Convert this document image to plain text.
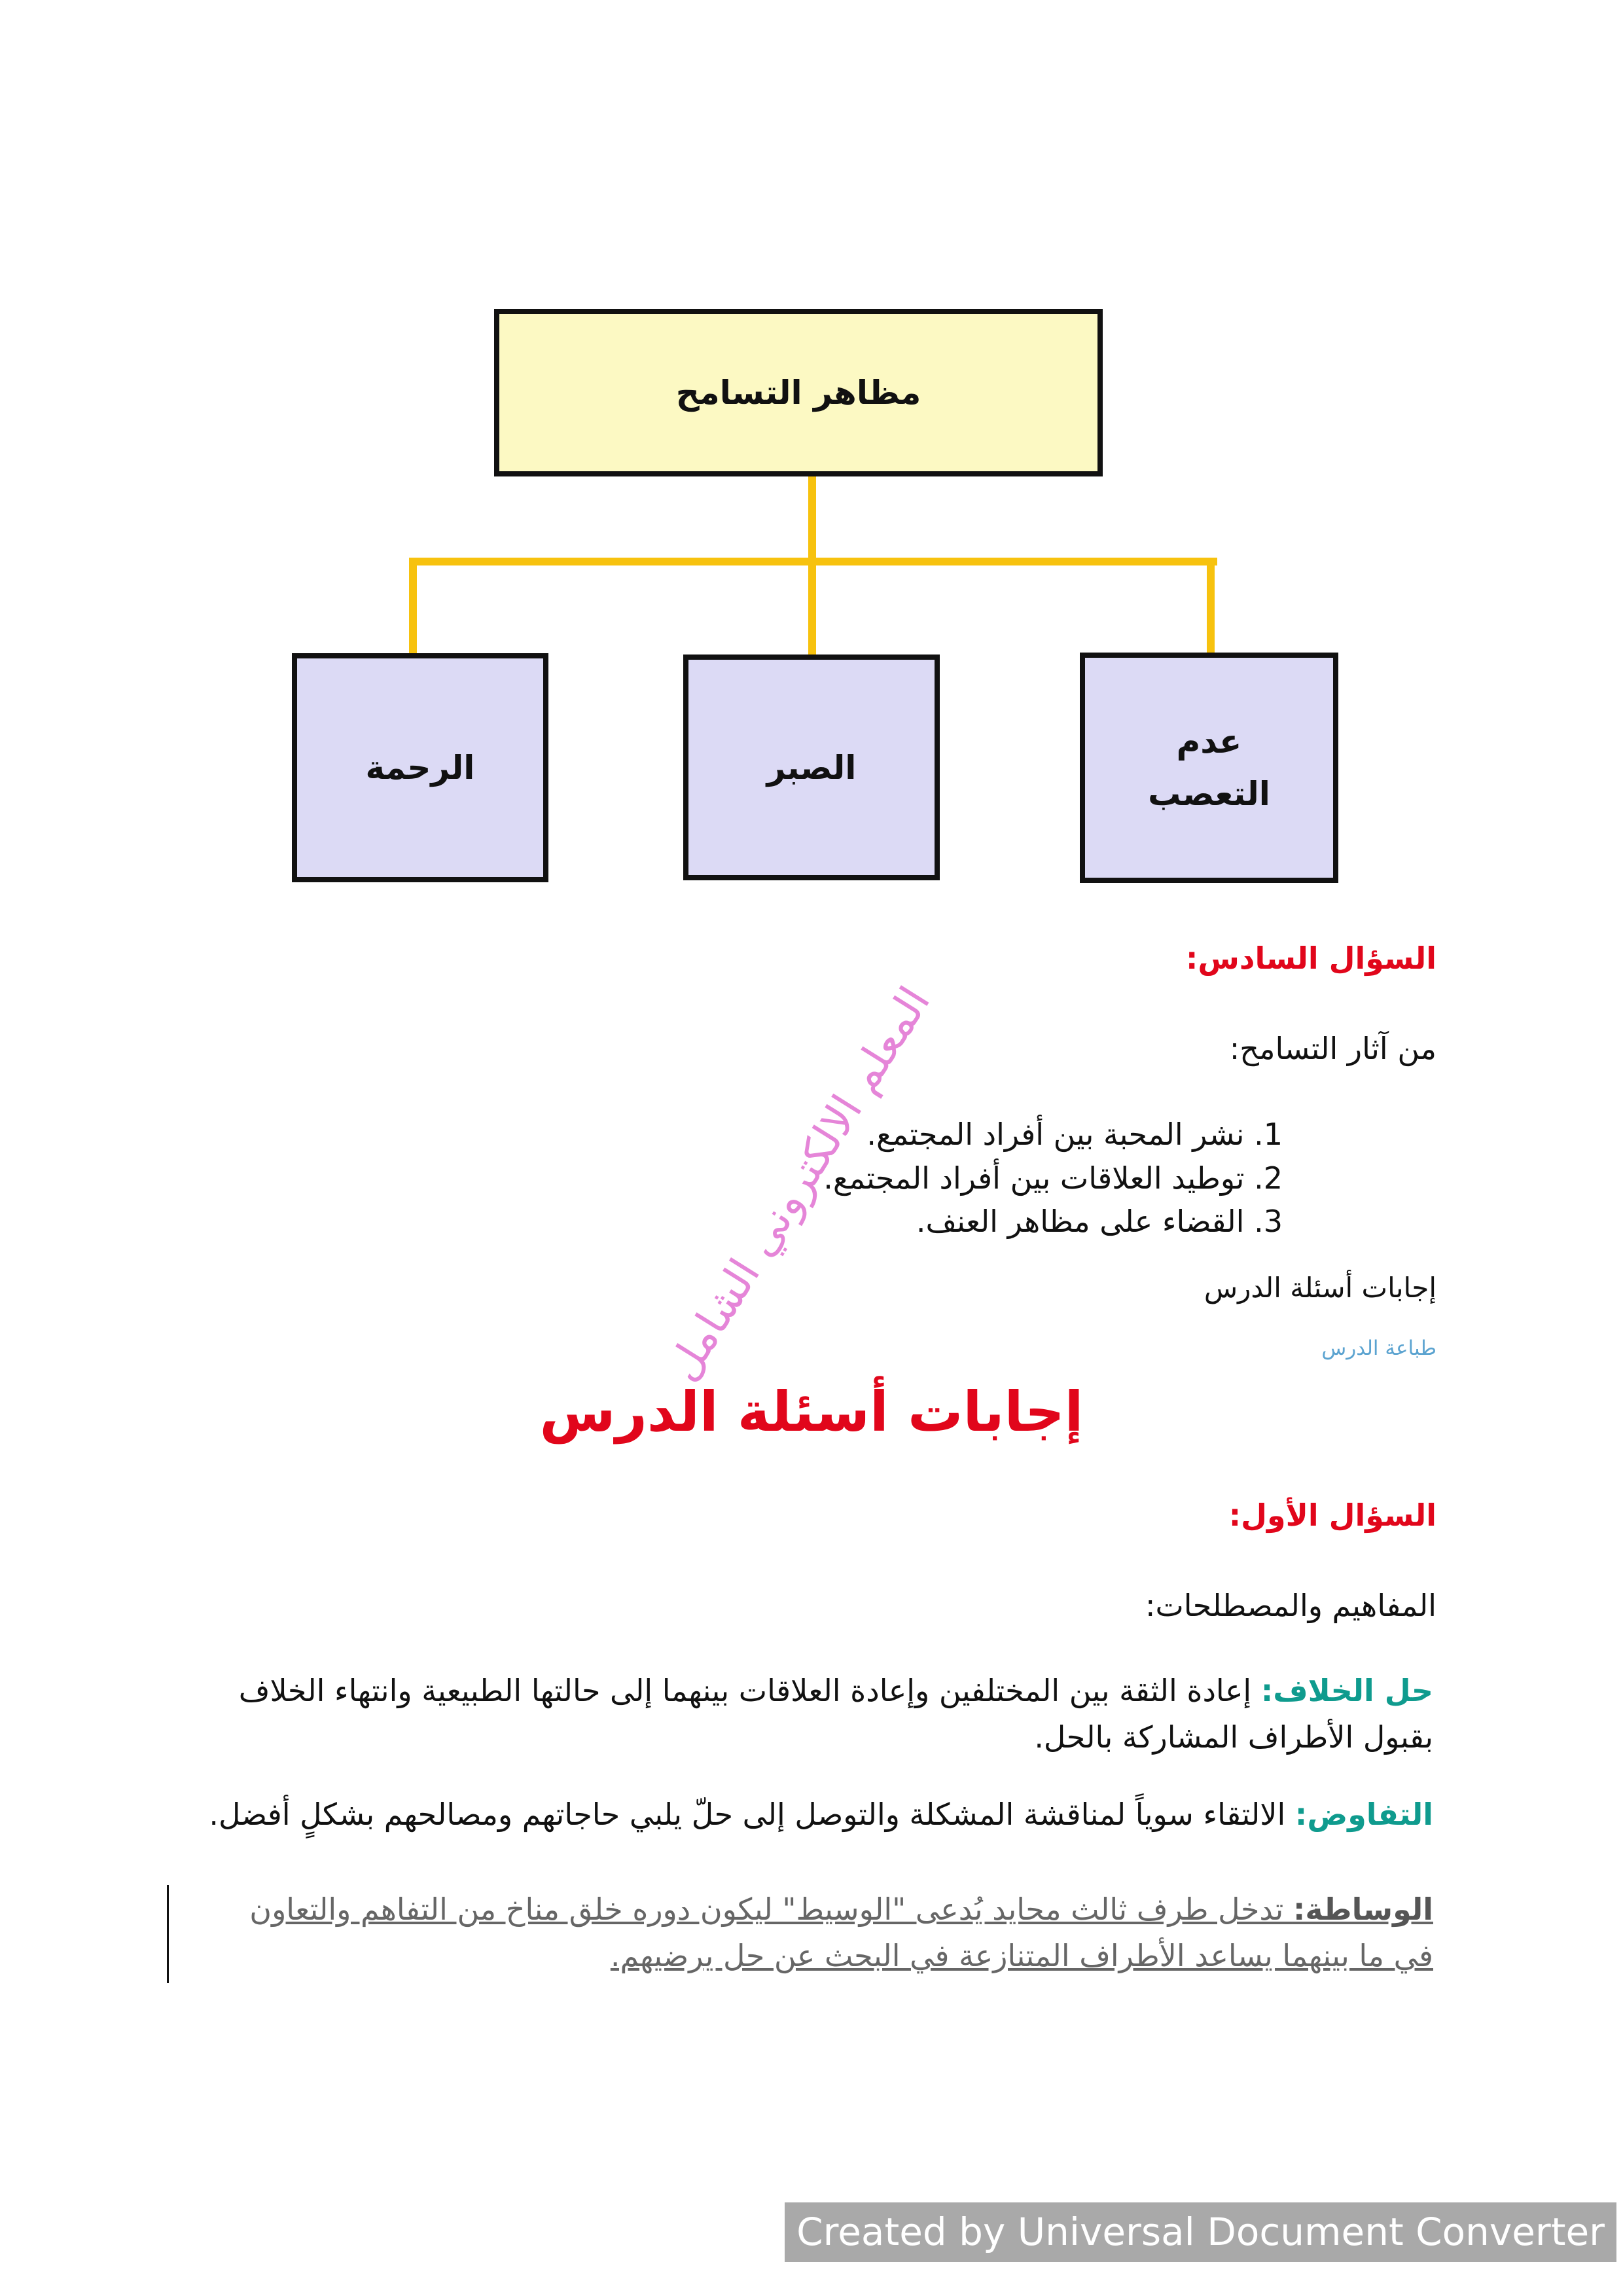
مظاهر التسامح
عدم
التعصب
الصبر
الرحمة
السؤال السادس:
من آثار التسامح:
1. نشر المحبة بين أفراد المجتمع.
2. توطيد العلاقات بين أفراد المجتمع.
3. القضاء على مظاهر العنف.
إجابات أسئلة الدرس
طباعة الدرس
إجابات أسئلة الدرس
السؤال الأول:
المفاهيم والمصطلحات:
حل الخلاف: إعادة الثقة بين المختلفين وإعادة العلاقات بينهما إلى حالتها الطبيعية وانتهاء الخلاف بقبول الأطراف المشاركة بالحل.
التفاوض: الالتقاء سوياً لمناقشة المشكلة والتوصل إلى حلّ يلبي حاجاتهم ومصالحهم بشكلٍ أفضل.
الوساطة: تدخل طرف ثالث محايد يُدعى "الوسيط" ليكون دوره خلق مناخ من التفاهم والتعاون في ما بينهما يساعد الأطراف المتنازعة في البحث عن حل يرضيهم.
المعلم الالكتروني الشامل
Created by Universal Document Converter
